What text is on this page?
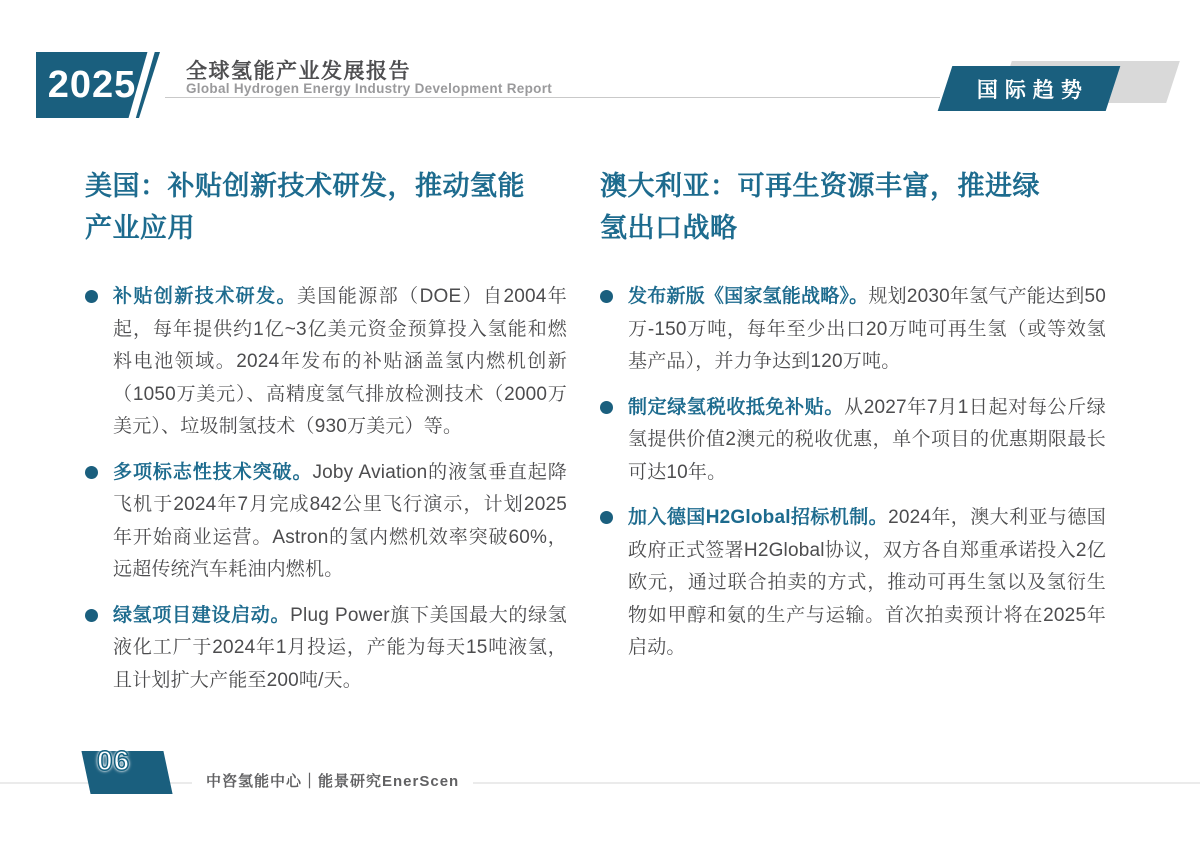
2025	全球氢能产业发展报告
Global Hydrogen Energy Industry Development Report	国际趋势
美国：补贴创新技术研发，推动氢能产业应用
补贴创新技术研发。美国能源部（DOE）自2004年起，每年提供约1亿~3亿美元资金预算投入氢能和燃料电池领域。2024年发布的补贴涵盖氢内燃机创新（1050万美元）、高精度氢气排放检测技术（2000万美元）、垃圾制氢技术（930万美元）等。
多项标志性技术突破。Joby Aviation的液氢垂直起降飞机于2024年7月完成842公里飞行演示，计划2025年开始商业运营。Astron的氢内燃机效率突破60%，远超传统汽车耗油内燃机。
绿氢项目建设启动。Plug Power旗下美国最大的绿氢液化工厂于2024年1月投运，产能为每天15吨液氢，且计划扩大产能至200吨/天。
澳大利亚：可再生资源丰富，推进绿氢出口战略
发布新版《国家氢能战略》。规划2030年氢气产能达到50万-150万吨，每年至少出口20万吨可再生氢（或等效氢基产品），并力争达到120万吨。
制定绿氢税收抵免补贴。从2027年7月1日起对每公斤绿氢提供价值2澳元的税收优惠，单个项目的优惠期限最长可达10年。
加入德国H2Global招标机制。2024年，澳大利亚与德国政府正式签署H2Global协议，双方各自郑重承诺投入2亿欧元，通过联合拍卖的方式，推动可再生氢以及氢衍生物如甲醇和氨的生产与运输。首次拍卖预计将在2025年启动。
06
中咨氢能中心｜能景研究EnerScen
